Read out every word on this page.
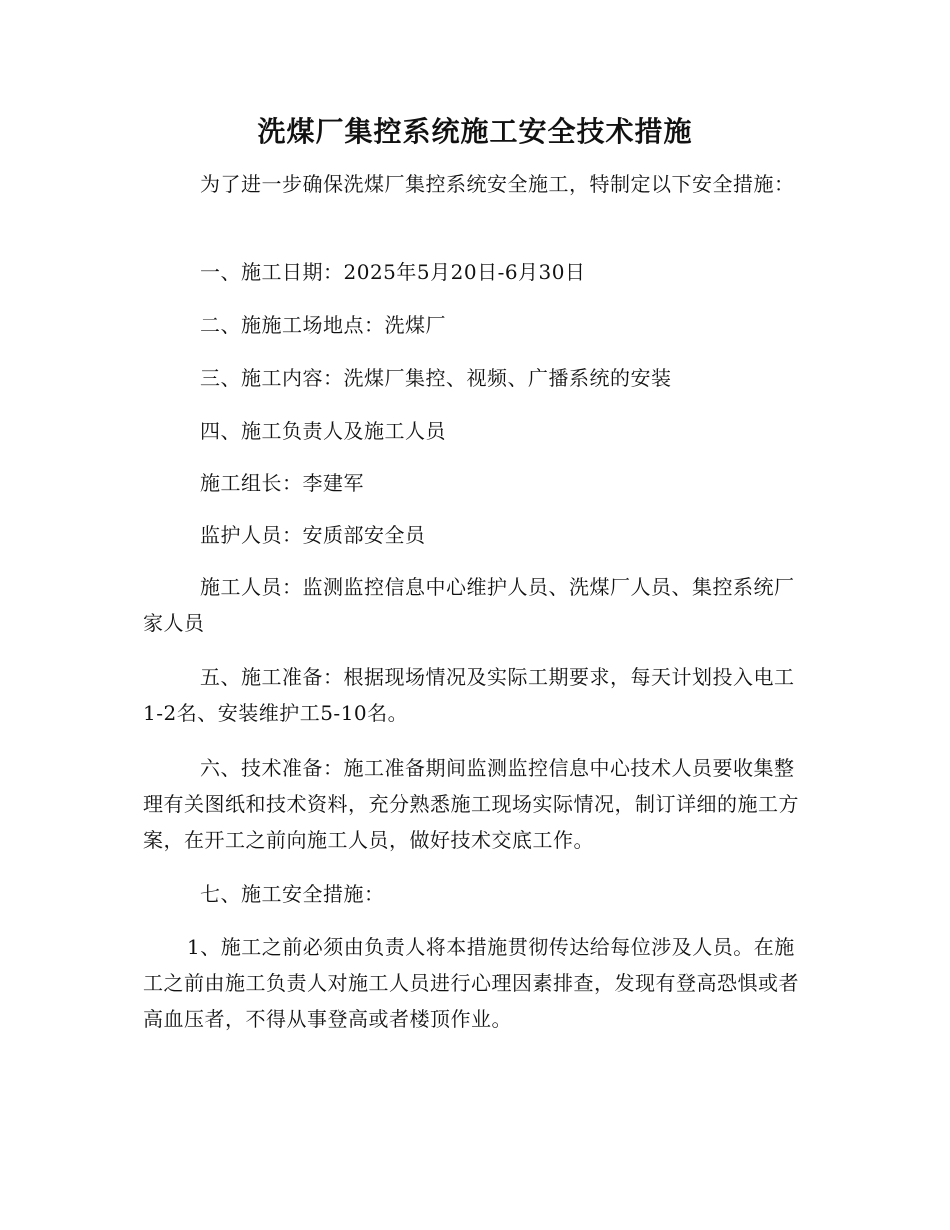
洗煤厂集控系统施工安全技术措施

为了进一步确保洗煤厂集控系统安全施工，特制定以下安全措施：

一、施工日期：2025年5月20日-6月30日

二、施施工场地点：洗煤厂

三、施工内容：洗煤厂集控、视频、广播系统的安装

四、施工负责人及施工人员

施工组长：李建军

监护人员：安质部安全员

施工人员：监测监控信息中心维护人员、洗煤厂人员、集控系统厂家人员

五、施工准备：根据现场情况及实际工期要求，每天计划投入电工1-2名、安装维护工5-10名。

六、技术准备：施工准备期间监测监控信息中心技术人员要收集整理有关图纸和技术资料，充分熟悉施工现场实际情况，制订详细的施工方案，在开工之前向施工人员，做好技术交底工作。

七、施工安全措施：

1、施工之前必须由负责人将本措施贯彻传达给每位涉及人员。在施工之前由施工负责人对施工人员进行心理因素排查，发现有登高恐惧或者高血压者，不得从事登高或者楼顶作业。
